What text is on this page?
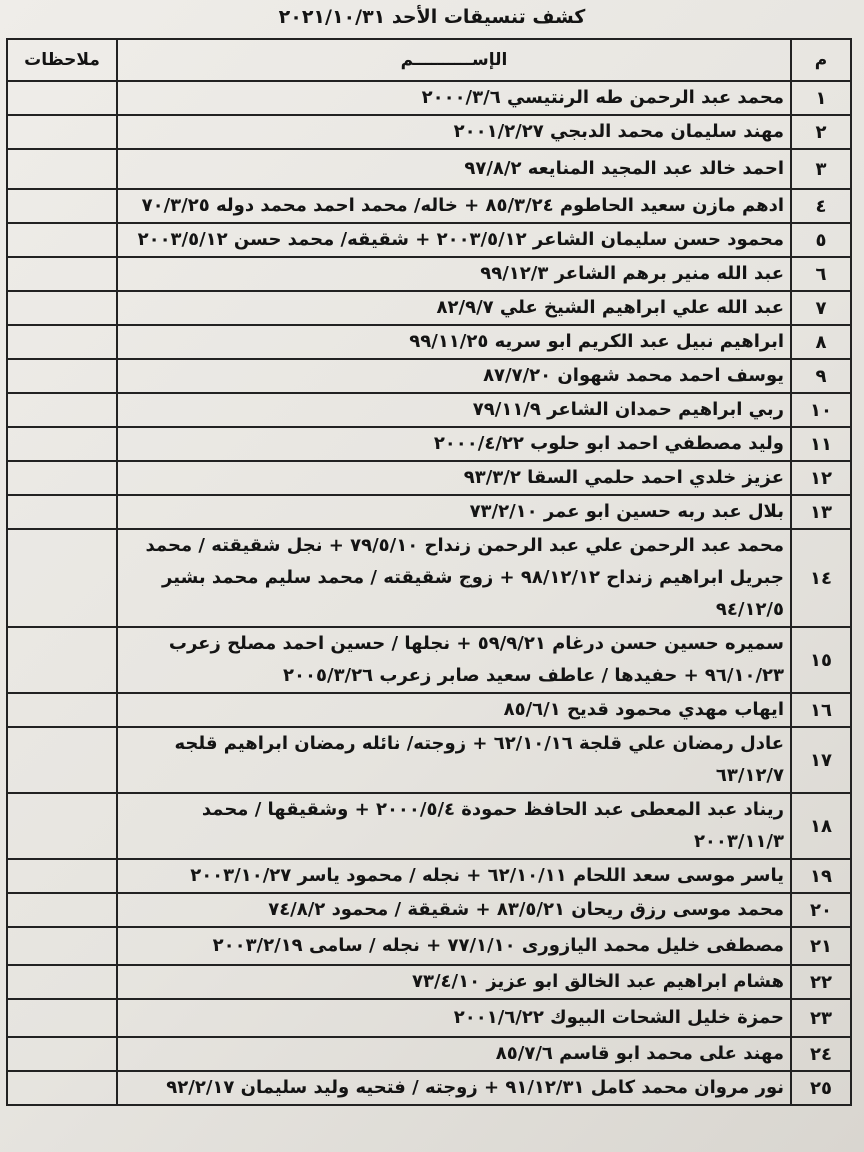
كشف تنسيقات الأحد ٢٠٢١/١٠/٣١
م	الإســــــــــم	ملاحظات
١	محمد عبد الرحمن طه الرنتيسي ٢٠٠٠/٣/٦	
٢	مهند سليمان محمد الدبجي ٢٠٠١/٢/٢٧	
٣	احمد خالد عبد المجيد المنايعه ٩٧/٨/٢	
٤	ادهم مازن سعيد الحاطوم ٨٥/٣/٢٤ + خاله/ محمد احمد محمد دوله ٧٠/٣/٢٥	
٥	محمود حسن سليمان الشاعر ٢٠٠٣/٥/١٢ + شقيقه/ محمد حسن ٢٠٠٣/٥/١٢	
٦	عبد الله منير برهم الشاعر ٩٩/١٢/٣	
٧	عبد الله علي ابراهيم الشيخ علي ٨٢/٩/٧	
٨	ابراهيم نبيل عبد الكريم ابو سريه ٩٩/١١/٢٥	
٩	يوسف احمد محمد شهوان ٨٧/٧/٢٠	
١٠	ربي ابراهيم حمدان الشاعر ٧٩/١١/٩	
١١	وليد مصطفي احمد ابو حلوب ٢٠٠٠/٤/٢٢	
١٢	عزيز خلدي احمد حلمي السقا ٩٣/٣/٢	
١٣	بلال عبد ربه حسين ابو عمر ٧٣/٢/١٠	
١٤	محمد عبد الرحمن علي عبد الرحمن زنداح ٧٩/٥/١٠ + نجل شقيقته / محمد جبريل ابراهيم زنداح ٩٨/١٢/١٢ + زوج شقيقته / محمد سليم محمد بشير ٩٤/١٢/٥	
١٥	سميره حسين حسن درغام ٥٩/٩/٢١ + نجلها / حسين احمد مصلح زعرب ٩٦/١٠/٢٣ + حفيدها / عاطف سعيد صابر زعرب ٢٠٠٥/٣/٢٦	
١٦	ايهاب مهدي محمود قديح ٨٥/٦/١	
١٧	عادل رمضان علي قلجة ٦٢/١٠/١٦ + زوجته/ نائله رمضان ابراهيم قلجه ٦٣/١٢/٧	
١٨	ريناد عبد المعطى عبد الحافظ حمودة ٢٠٠٠/٥/٤ + وشقيقها / محمد ٢٠٠٣/١١/٣	
١٩	ياسر موسى سعد اللحام ٦٢/١٠/١١ + نجله / محمود ياسر ٢٠٠٣/١٠/٢٧	
٢٠	محمد موسى رزق ريحان ٨٣/٥/٢١ + شقيقة / محمود ٧٤/٨/٢	
٢١	مصطفى خليل محمد اليازورى ٧٧/١/١٠ + نجله / سامى ٢٠٠٣/٢/١٩	
٢٢	هشام ابراهيم عبد الخالق ابو عزيز ٧٣/٤/١٠	
٢٣	حمزة خليل الشحات البيوك ٢٠٠١/٦/٢٢	
٢٤	مهند على محمد ابو قاسم ٨٥/٧/٦	
٢٥	نور مروان محمد كامل ٩١/١٢/٣١ + زوجته / فتحيه وليد سليمان ٩٢/٢/١٧	
